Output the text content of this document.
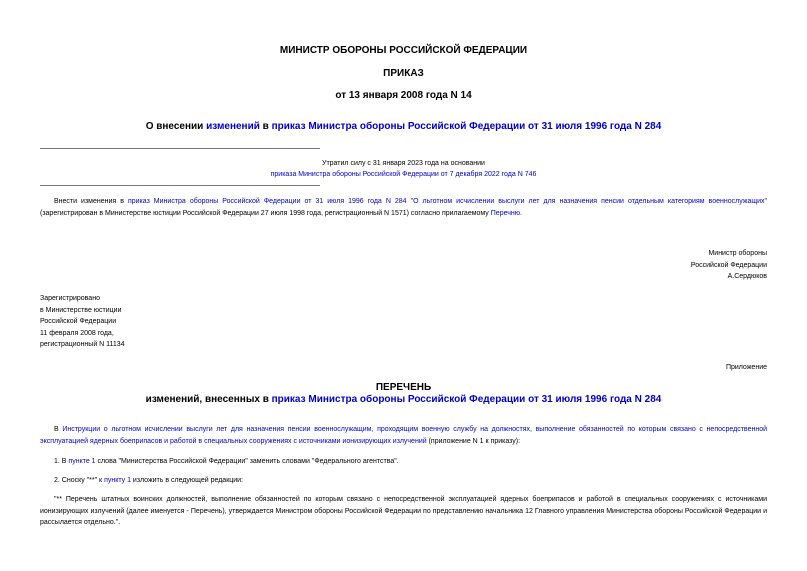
МИНИСТР ОБОРОНЫ РОССИЙСКОЙ ФЕДЕРАЦИИ
ПРИКАЗ
от 13 января 2008 года N 14
О внесении изменений в приказ Министра обороны Российской Федерации от 31 июля 1996 года N 284
Утратил силу с 31 января 2023 года на основании
приказа Министра обороны Российской Федерации от 7 декабря 2022 года N 746
Внести изменения в приказ Министра обороны Российской Федерации от 31 июля 1996 года N 284 "О льготном исчислении выслуги лет для назначения пенсии отдельным категориям военнослужащих" (зарегистрирован в Министерстве юстиции Российской Федерации 27 июля 1998 года, регистрационный N 1571) согласно прилагаемому Перечню.
Министр обороны
Российской Федерации
А.Сердюков
Зарегистрировано
в Министерстве юстиции
Российской Федерации
11 февраля 2008 года,
регистрационный N 11134
Приложение
ПЕРЕЧЕНЬ
изменений, внесенных в приказ Министра обороны Российской Федерации от 31 июля 1996 года N 284
В Инструкции о льготном исчислении выслуги лет для назначения пенсии военнослужащим, проходящим военную службу на должностях, выполнение обязанностей по которым связано с непосредственной эксплуатацией ядерных боеприпасов и работой в специальных сооружениях с источниками ионизирующих излучений (приложение N 1 к приказу):
1. В пункте 1 слова "Министерства Российской Федерации" заменить словами "Федерального агентства".
2. Сноску "**" к пункту 1 изложить в следующей редакции:
"** Перечень штатных воинских должностей, выполнение обязанностей по которым связано с непосредственной эксплуатацией ядерных боеприпасов и работой в специальных сооружениях с источниками ионизирующих излучений (далее именуется - Перечень), утверждается Министром обороны Российской Федерации по представлению начальника 12 Главного управления Министерства обороны Российской Федерации и рассылается отдельно.".
